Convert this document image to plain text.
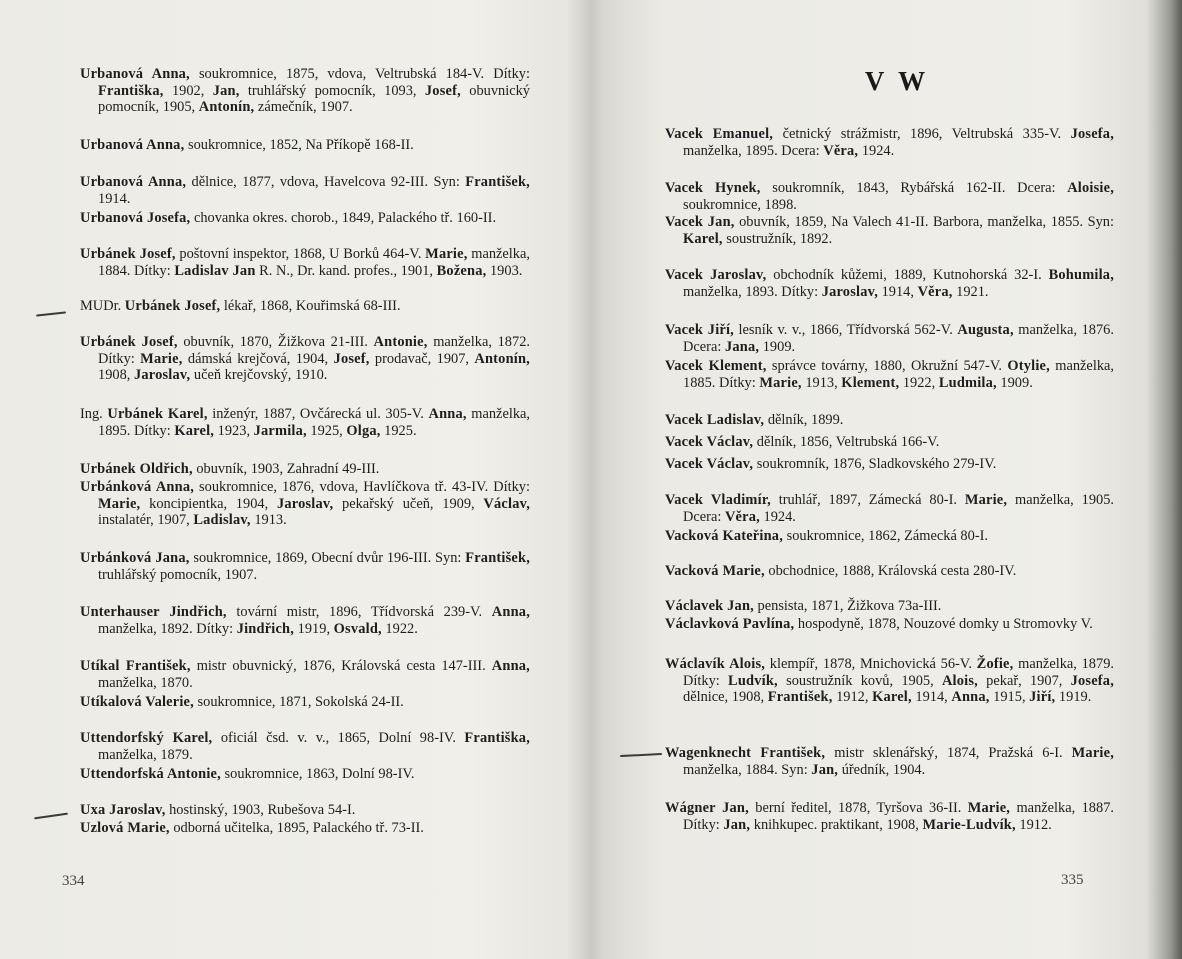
Urbanová Anna, soukromnice, 1875, vdova, Veltrubská 184-V. Dítky: Františka, 1902, Jan, truhlářský pomocník, 1093, Josef, obuvnický pomocník, 1905, Antonín, zámečník, 1907.
Urbanová Anna, soukromnice, 1852, Na Příkopě 168-II.
Urbanová Anna, dělnice, 1877, vdova, Havelcova 92-III. Syn: František, 1914.
Urbanová Josefa, chovanka okres. chorob., 1849, Palackého tř. 160-II.
Urbánek Josef, poštovní inspektor, 1868, U Borků 464-V. Marie, manželka, 1884. Dítky: Ladislav Jan R. N., Dr. kand. profes., 1901, Božena, 1903.
MUDr. Urbánek Josef, lékař, 1868, Kouřimská 68-III.
Urbánek Josef, obuvník, 1870, Žižkova 21-III. Antonie, manželka, 1872. Dítky: Marie, dámská krejčová, 1904, Josef, prodavač, 1907, Antonín, 1908, Jaroslav, učeň krejčovský, 1910.
Ing. Urbánek Karel, inženýr, 1887, Ovčárecká ul. 305-V. Anna, manželka, 1895. Dítky: Karel, 1923, Jarmila, 1925, Olga, 1925.
Urbánek Oldřich, obuvník, 1903, Zahradní 49-III.
Urbánková Anna, soukromnice, 1876, vdova, Havlíčkova tř. 43-IV. Dítky: Marie, koncipientka, 1904, Jaroslav, pekařský učeň, 1909, Václav, instalatér, 1907, Ladislav, 1913.
Urbánková Jana, soukromnice, 1869, Obecní dvůr 196-III. Syn: František, truhlářský pomocník, 1907.
Unterhauser Jindřich, tovární mistr, 1896, Třídvorská 239-V. Anna, manželka, 1892. Dítky: Jindřich, 1919, Osvald, 1922.
Utíkal František, mistr obuvnický, 1876, Královská cesta 147-III. Anna, manželka, 1870.
Utíkalová Valerie, soukromnice, 1871, Sokolská 24-II.
Uttendorfský Karel, oficiál čsd. v. v., 1865, Dolní 98-IV. Františka, manželka, 1879.
Uttendorfská Antonie, soukromnice, 1863, Dolní 98-IV.
Uxa Jaroslav, hostinský, 1903, Rubešova 54-I.
Uzlová Marie, odborná učitelka, 1895, Palackého tř. 73-II.
334
V W
Vacek Emanuel, četnický strážmistr, 1896, Veltrubská 335-V. Josefa, manželka, 1895. Dcera: Věra, 1924.
Vacek Hynek, soukromník, 1843, Rybářská 162-II. Dcera: Aloisie, soukromnice, 1898.
Vacek Jan, obuvník, 1859, Na Valech 41-II. Barbora, manželka, 1855. Syn: Karel, soustružník, 1892.
Vacek Jaroslav, obchodník kůžemi, 1889, Kutnohorská 32-I. Bohumila, manželka, 1893. Dítky: Jaroslav, 1914, Věra, 1921.
Vacek Jiří, lesník v. v., 1866, Třídvorská 562-V. Augusta, manželka, 1876. Dcera: Jana, 1909.
Vacek Klement, správce továrny, 1880, Okružní 547-V. Otylie, manželka, 1885. Dítky: Marie, 1913, Klement, 1922, Ludmila, 1909.
Vacek Ladislav, dělník, 1899.
Vacek Václav, dělník, 1856, Veltrubská 166-V.
Vacek Václav, soukromník, 1876, Sladkovského 279-IV.
Vacek Vladimír, truhlář, 1897, Zámecká 80-I. Marie, manželka, 1905. Dcera: Věra, 1924.
Vacková Kateřina, soukromnice, 1862, Zámecká 80-I.
Vacková Marie, obchodnice, 1888, Královská cesta 280-IV.
Václavek Jan, pensista, 1871, Žižkova 73a-III.
Václavková Pavlína, hospodyně, 1878, Nouzové domky u Stromovky V.
Wáclavík Alois, klempíř, 1878, Mnichovická 56-V. Žofie, manželka, 1879. Dítky: Ludvík, soustružník kovů, 1905, Alois, pekař, 1907, Josefa, dělnice, 1908, František, 1912, Karel, 1914, Anna, 1915, Jiří, 1919.
Wagenknecht František, mistr sklenářský, 1874, Pražská 6-I. Marie, manželka, 1884. Syn: Jan, úředník, 1904.
Wágner Jan, berní ředitel, 1878, Tyršova 36-II. Marie, manželka, 1887. Dítky: Jan, knihkupec. praktikant, 1908, Marie-Ludvík, 1912.
335
